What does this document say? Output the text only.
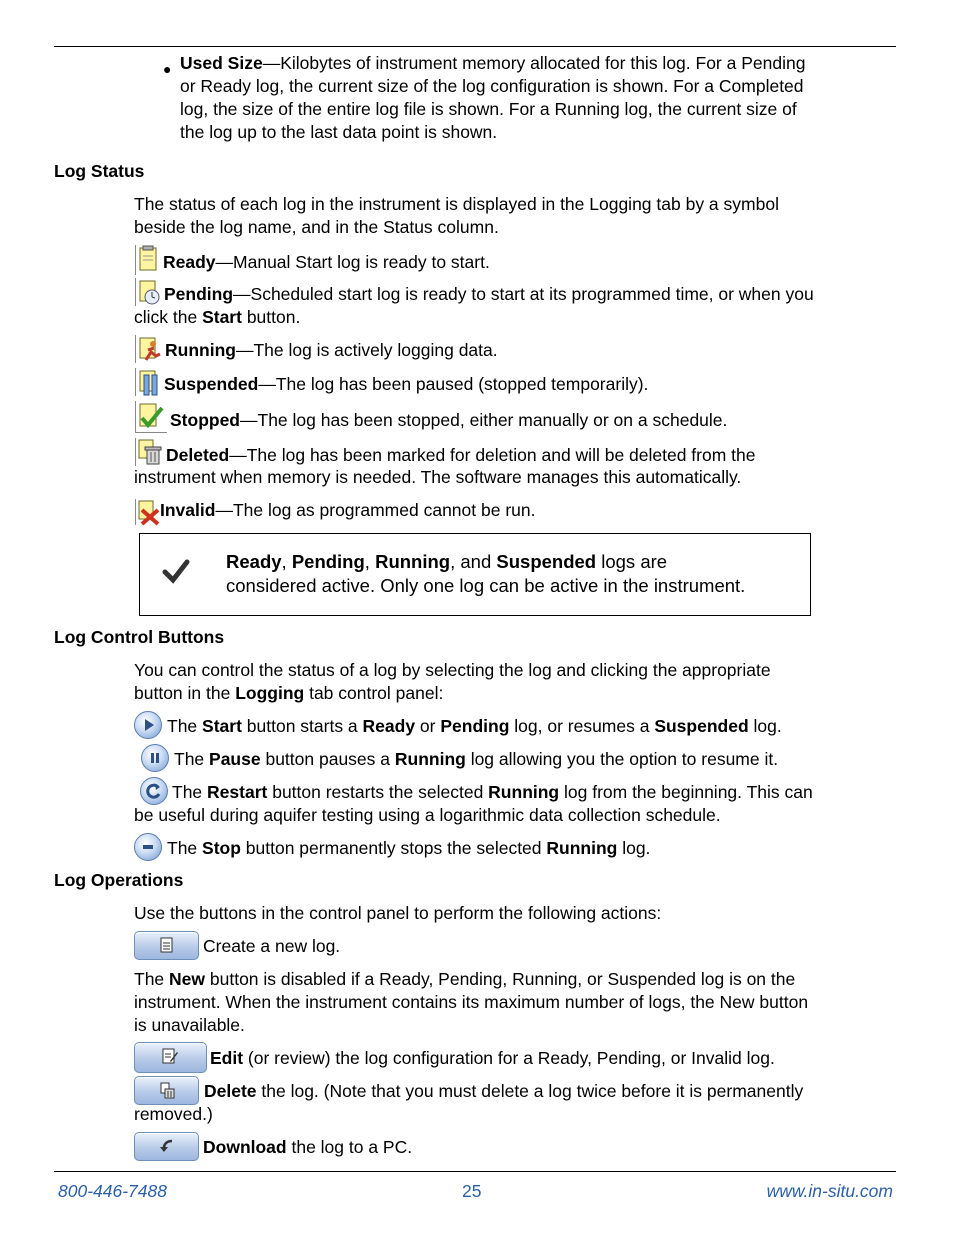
● Used Size—Kilobytes of instrument memory allocated for this log. For a Pending
or Ready log, the current size of the log configuration is shown. For a Completed
log, the size of the entire log file is shown. For a Running log, the current size of
the log up to the last data point is shown.
Log Status
The status of each log in the instrument is displayed in the Logging tab by a symbol
beside the log name, and in the Status column.
Ready—Manual Start log is ready to start.
Pending—Scheduled start log is ready to start at its programmed time, or when you
click the Start button.
Running—The log is actively logging data.
Suspended—The log has been paused (stopped temporarily).
Stopped—The log has been stopped, either manually or on a schedule.
Deleted—The log has been marked for deletion and will be deleted from the
instrument when memory is needed. The software manages this automatically.
Invalid—The log as programmed cannot be run.
Ready, Pending, Running, and Suspended logs are
considered active. Only one log can be active in the instrument.
Log Control Buttons
You can control the status of a log by selecting the log and clicking the appropriate
button in the Logging tab control panel:
The Start button starts a Ready or Pending log, or resumes a Suspended log.
The Pause button pauses a Running log allowing you the option to resume it.
The Restart button restarts the selected Running log from the beginning. This can
be useful during aquifer testing using a logarithmic data collection schedule.
The Stop button permanently stops the selected Running log.
Log Operations
Use the buttons in the control panel to perform the following actions:
Create a new log.
The New button is disabled if a Ready, Pending, Running, or Suspended log is on the
instrument. When the instrument contains its maximum number of logs, the New button
is unavailable.
Edit (or review) the log configuration for a Ready, Pending, or Invalid log.
Delete the log. (Note that you must delete a log twice before it is permanently
removed.)
Download the log to a PC.
800-446-7488	25	www.in-situ.com
